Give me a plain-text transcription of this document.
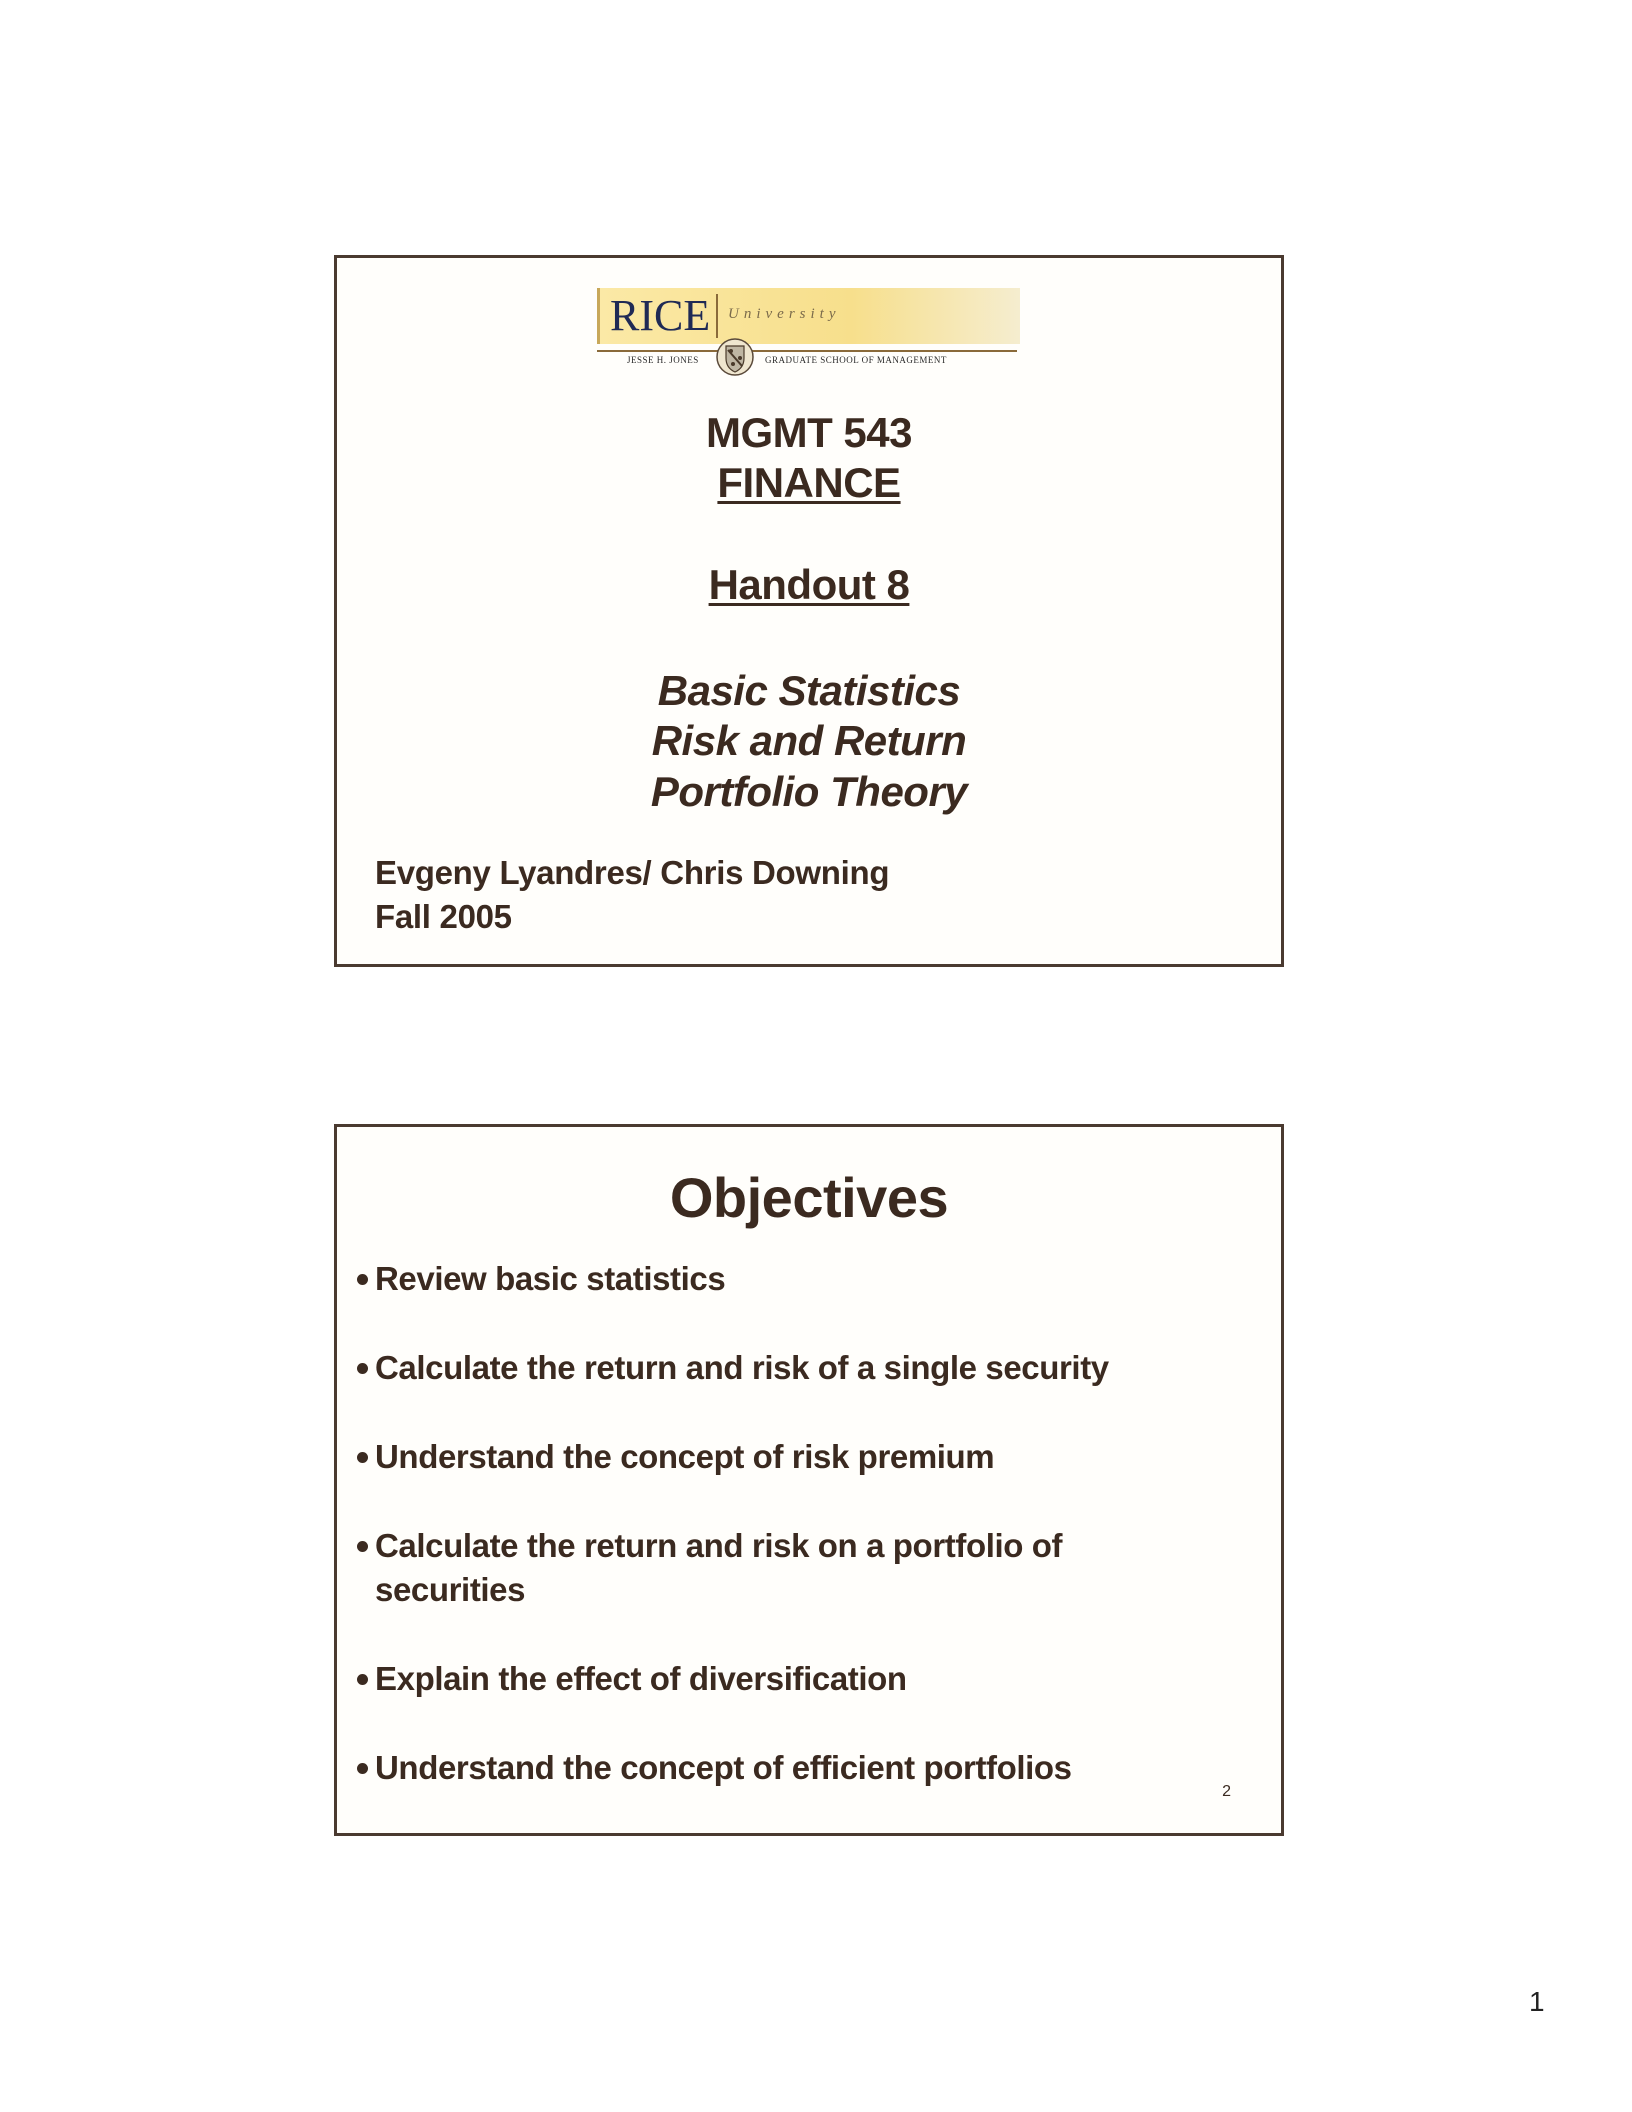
RICE	University
JESSE H. JONES	GRADUATE SCHOOL OF MANAGEMENT
MGMT 543
FINANCE
Handout 8
Basic Statistics
Risk and Return
Portfolio Theory
Evgeny Lyandres/ Chris Downing
Fall 2005
Objectives
Review basic statistics
Calculate the return and risk of a single security
Understand the concept of risk premium
Calculate the return and risk on a portfolio of
securities
Explain the effect of diversification
Understand the concept of efficient portfolios
2
1
